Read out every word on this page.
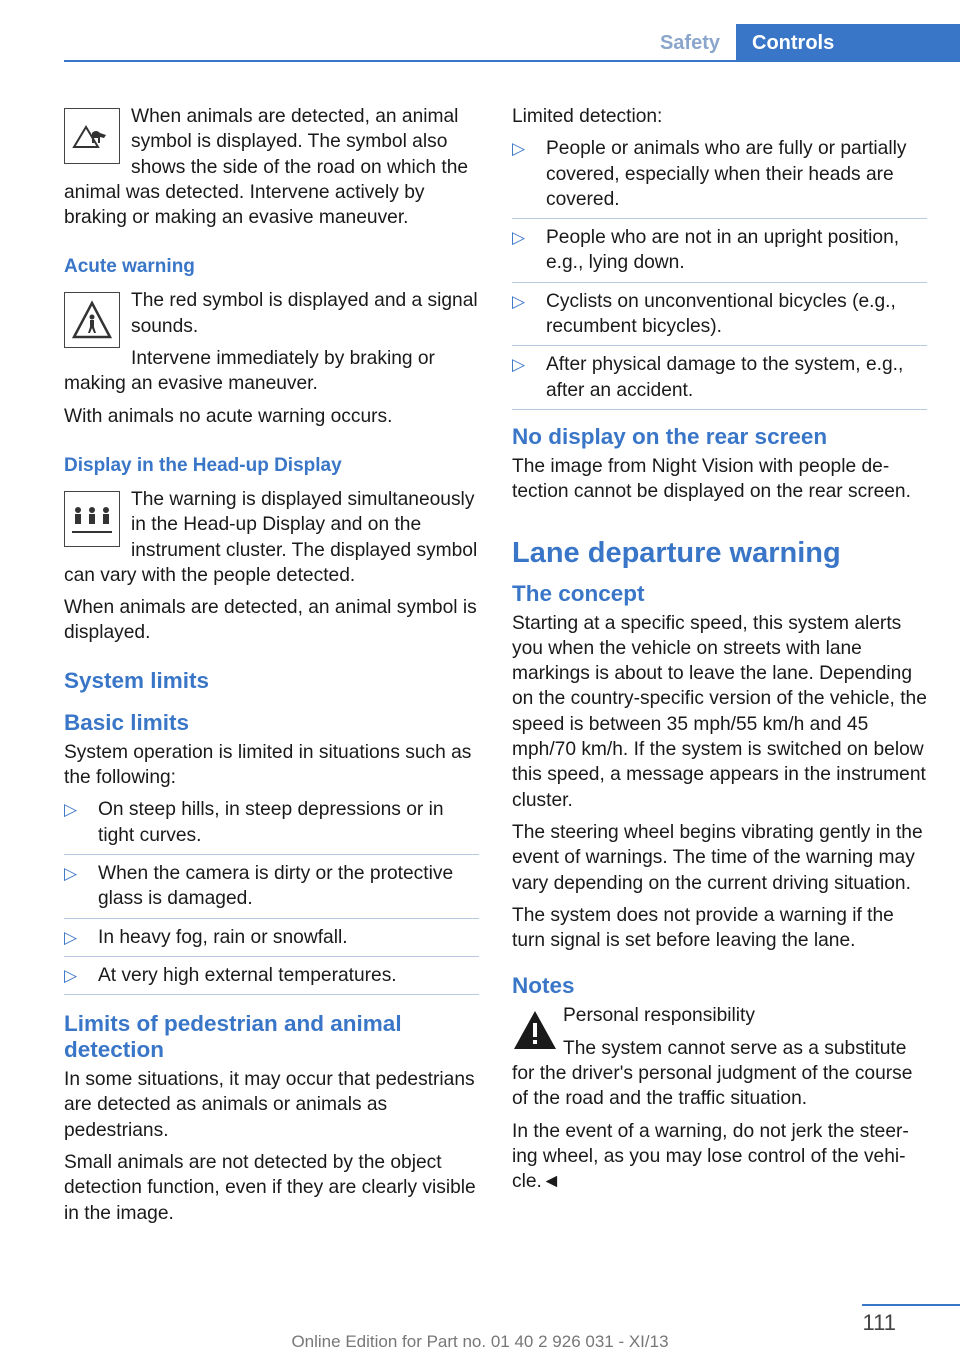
Safety	Controls

When animals are detected, an animal symbol is displayed. The symbol also shows the side of the road on which the animal was detected. Intervene actively by braking or making an evasive maneuver.

Acute warning

The red symbol is displayed and a signal sounds.

Intervene immediately by braking or making an evasive maneuver.

With animals no acute warning occurs.

Display in the Head-up Display

The warning is displayed simultaneously in the Head-up Display and on the instrument cluster. The displayed symbol can vary with the people detected.

When animals are detected, an animal symbol is displayed.

System limits
Basic limits

System operation is limited in situations such as the following:

▷ On steep hills, in steep depressions or in tight curves.
▷ When the camera is dirty or the protective glass is damaged.
▷ In heavy fog, rain or snowfall.
▷ At very high external temperatures.
Limits of pedestrian and animal detection

In some situations, it may occur that pedestrians are detected as animals or animals as pedestrians.

Small animals are not detected by the object detection function, even if they are clearly visible in the image.

Limited detection:

▷ People or animals who are fully or partially covered, especially when their heads are covered.
▷ People who are not in an upright position, e.g., lying down.
▷ Cyclists on unconventional bicycles (e.g., recumbent bicycles).
▷ After physical damage to the system, e.g., after an accident.
No display on the rear screen

The image from Night Vision with people detection cannot be displayed on the rear screen.

Lane departure warning
The concept

Starting at a specific speed, this system alerts you when the vehicle on streets with lane markings is about to leave the lane. Depending on the country-specific version of the vehicle, the speed is between 35 mph/55 km/h and 45 mph/70 km/h. If the system is switched on below this speed, a message appears in the instrument cluster.

The steering wheel begins vibrating gently in the event of warnings. The time of the warning may vary depending on the current driving situation.

The system does not provide a warning if the turn signal is set before leaving the lane.

Notes

Personal responsibility

The system cannot serve as a substitute for the driver's personal judgment of the course of the road and the traffic situation.

In the event of a warning, do not jerk the steering wheel, as you may lose control of the vehicle.◄

111
Online Edition for Part no. 01 40 2 926 031 - XI/13
